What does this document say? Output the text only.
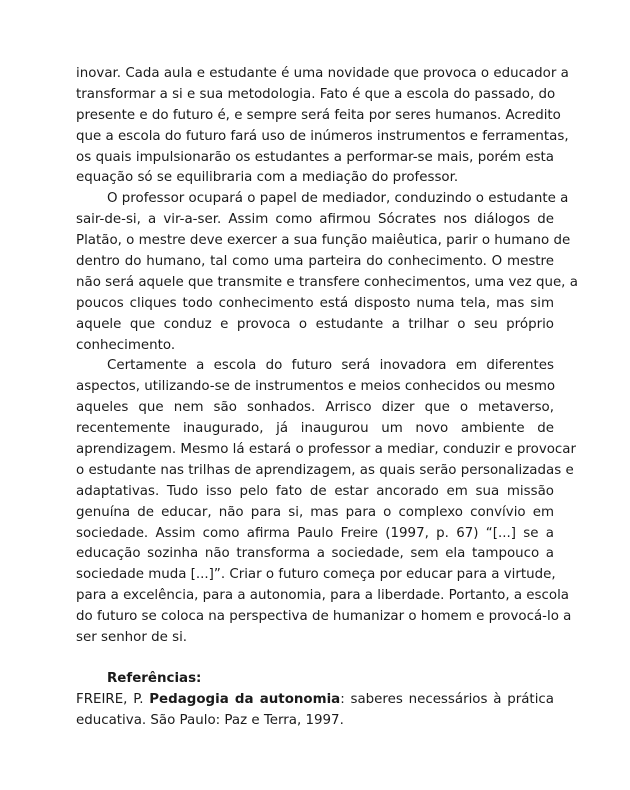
inovar. Cada aula e estudante é uma novidade que provoca o educador a
transformar a si e sua metodologia. Fato é que a escola do passado, do
presente e do futuro é, e sempre será feita por seres humanos. Acredito
que a escola do futuro fará uso de inúmeros instrumentos e ferramentas,
os quais impulsionarão os estudantes a performar-se mais, porém esta
equação só se equilibraria com a mediação do professor.
O professor ocupará o papel de mediador, conduzindo o estudante a
sair-de-si, a vir-a-ser. Assim como afirmou Sócrates nos diálogos de
Platão, o mestre deve exercer a sua função maiêutica, parir o humano de
dentro do humano, tal como uma parteira do conhecimento. O mestre
não será aquele que transmite e transfere conhecimentos, uma vez que, a
poucos cliques todo conhecimento está disposto numa tela, mas sim
aquele que conduz e provoca o estudante a trilhar o seu próprio
conhecimento.
Certamente a escola do futuro será inovadora em diferentes
aspectos, utilizando-se de instrumentos e meios conhecidos ou mesmo
aqueles que nem são sonhados. Arrisco dizer que o metaverso,
recentemente inaugurado, já inaugurou um novo ambiente de
aprendizagem. Mesmo lá estará o professor a mediar, conduzir e provocar
o estudante nas trilhas de aprendizagem, as quais serão personalizadas e
adaptativas. Tudo isso pelo fato de estar ancorado em sua missão
genuína de educar, não para si, mas para o complexo convívio em
sociedade. Assim como afirma Paulo Freire (1997, p. 67) “[...] se a
educação sozinha não transforma a sociedade, sem ela tampouco a
sociedade muda [...]”. Criar o futuro começa por educar para a virtude,
para a excelência, para a autonomia, para a liberdade. Portanto, a escola
do futuro se coloca na perspectiva de humanizar o homem e provocá-lo a
ser senhor de si.
Referências:
FREIRE, P. Pedagogia da autonomia: saberes necessários à prática
educativa. São Paulo: Paz e Terra, 1997.
